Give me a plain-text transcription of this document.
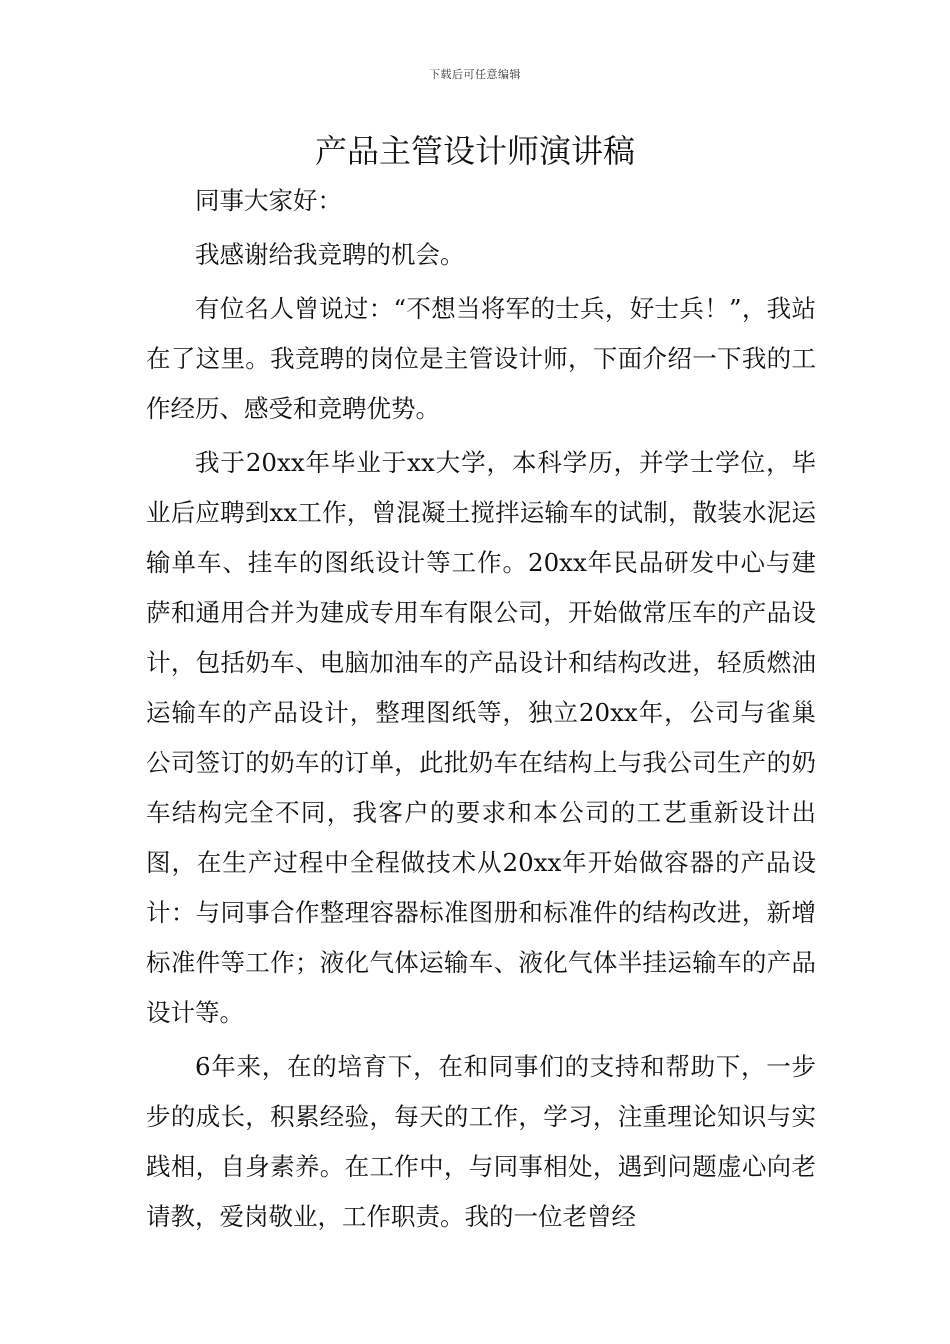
下载后可任意编辑
产品主管设计师演讲稿

同事大家好：

我感谢给我竞聘的机会。

有位名人曾说过：“不想当将军的士兵，好士兵！”，我站在了这里。我竞聘的岗位是主管设计师，下面介绍一下我的工作经历、感受和竞聘优势。

我于20xx年毕业于xx大学，本科学历，并学士学位，毕业后应聘到xx工作，曾混凝土搅拌运输车的试制，散装水泥运输单车、挂车的图纸设计等工作。20xx年民品研发中心与建萨和通用合并为建成专用车有限公司，开始做常压车的产品设计，包括奶车、电脑加油车的产品设计和结构改进，轻质燃油运输车的产品设计，整理图纸等，独立20xx年，公司与雀巢公司签订的奶车的订单，此批奶车在结构上与我公司生产的奶车结构完全不同，我客户的要求和本公司的工艺重新设计出图，在生产过程中全程做技术从20xx年开始做容器的产品设计：与同事合作整理容器标准图册和标准件的结构改进，新增标准件等工作；液化气体运输车、液化气体半挂运输车的产品设计等。

6年来，在的培育下，在和同事们的支持和帮助下，一步步的成长，积累经验，每天的工作，学习，注重理论知识与实践相，自身素养。在工作中，与同事相处，遇到问题虚心向老请教，爱岗敬业，工作职责。我的一位老曾经
